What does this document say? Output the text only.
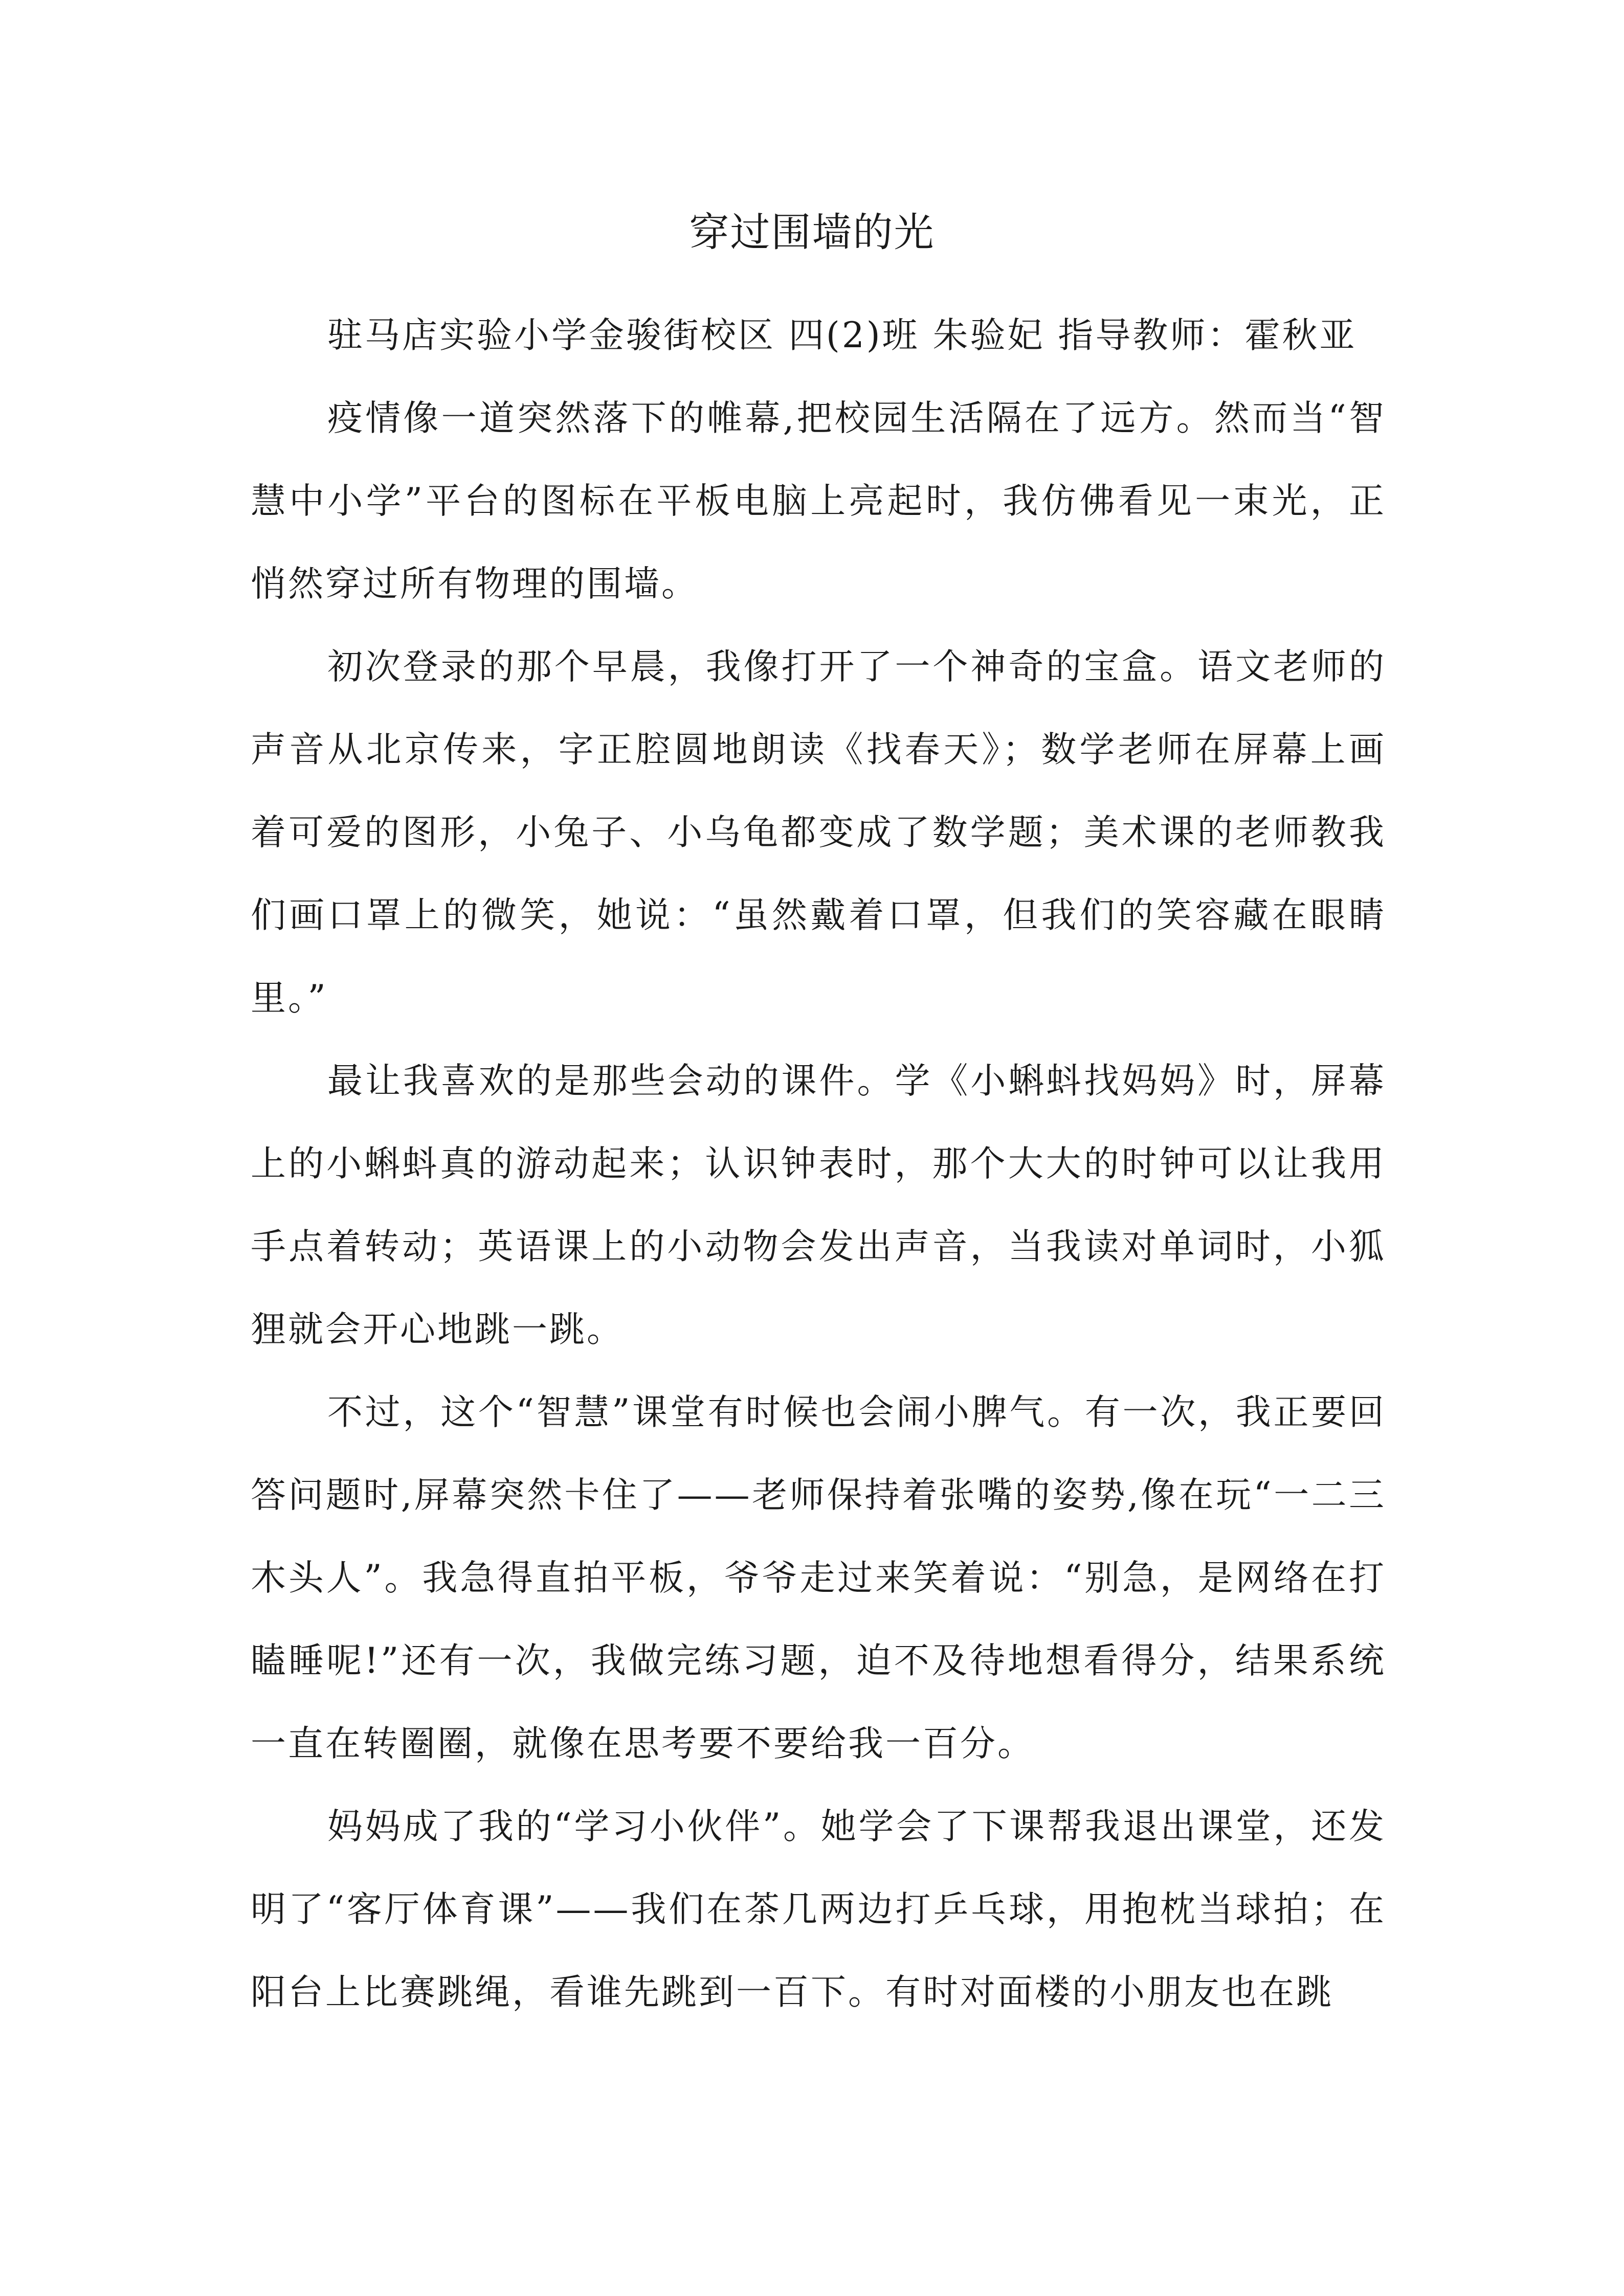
穿过围墙的光

驻马店实验小学金骏街校区 四(2)班 朱验妃 指导教师：霍秋亚

疫情像一道突然落下的帷幕,把校园生活隔在了远方。然而当“智慧中小学”平台的图标在平板电脑上亮起时，我仿佛看见一束光，正悄然穿过所有物理的围墙。

初次登录的那个早晨，我像打开了一个神奇的宝盒。语文老师的声音从北京传来，字正腔圆地朗读《找春天》；数学老师在屏幕上画着可爱的图形，小兔子、小乌龟都变成了数学题；美术课的老师教我们画口罩上的微笑，她说：“虽然戴着口罩，但我们的笑容藏在眼睛里。”

最让我喜欢的是那些会动的课件。学《小蝌蚪找妈妈》时，屏幕上的小蝌蚪真的游动起来；认识钟表时，那个大大的时钟可以让我用手点着转动；英语课上的小动物会发出声音，当我读对单词时，小狐狸就会开心地跳一跳。

不过，这个“智慧”课堂有时候也会闹小脾气。有一次，我正要回答问题时,屏幕突然卡住了——老师保持着张嘴的姿势,像在玩“一二三木头人”。我急得直拍平板，爷爷走过来笑着说：“别急，是网络在打瞌睡呢!”还有一次，我做完练习题，迫不及待地想看得分，结果系统一直在转圈圈，就像在思考要不要给我一百分。

妈妈成了我的“学习小伙伴”。她学会了下课帮我退出课堂，还发明了“客厅体育课”——我们在茶几两边打乒乓球，用抱枕当球拍；在阳台上比赛跳绳，看谁先跳到一百下。有时对面楼的小朋友也在跳
